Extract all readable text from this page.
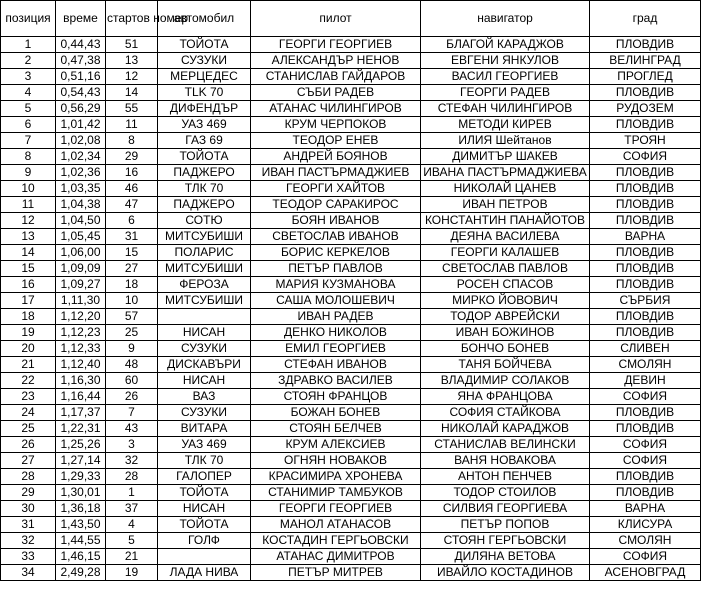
позиция	време	стартов номер	автомобил	пилот	навигатор	град
1	0,44,43	51	ТОЙОТА	ГЕОРГИ ГЕОРГИЕВ	БЛАГОЙ КАРАДЖОВ	ПЛОВДИВ
2	0,47,38	13	СУЗУКИ	АЛЕКСАНДЪР НЕНОВ	ЕВГЕНИ ЯНКУЛОВ	ВЕЛИНГРАД
3	0,51,16	12	МЕРЦЕДЕС	СТАНИСЛАВ ГАЙДАРОВ	ВАСИЛ ГЕОРГИЕВ	ПРОГЛЕД
4	0,54,43	14	TLK 70	СЪБИ РАДЕВ	ГЕОРГИ РАДЕВ	ПЛОВДИВ
5	0,56,29	55	ДИФЕНДЪР	АТАНАС ЧИЛИНГИРОВ	СТЕФАН ЧИЛИНГИРОВ	РУДОЗЕМ
6	1,01,42	11	УАЗ 469	КРУМ ЧЕРПОКОВ	МЕТОДИ КИРЕВ	ПЛОВДИВ
7	1,02,08	8	ГАЗ 69	ТЕОДОР ЕНЕВ	ИЛИЯ Шейтанов	ТРОЯН
8	1,02,34	29	ТОЙОТА	АНДРЕЙ БОЯНОВ	ДИМИТЪР ШАКЕВ	СОФИЯ
9	1,02,36	16	ПАДЖЕРО	ИВАН ПАСТЪРМАДЖИЕВ	ИВАНА ПАСТЪРМАДЖИЕВА	ПЛОВДИВ
10	1,03,35	46	ТЛК 70	ГЕОРГИ ХАЙТОВ	НИКОЛАЙ ЦАНЕВ	ПЛОВДИВ
11	1,04,38	47	ПАДЖЕРО	ТЕОДОР САРАКИРОС	ИВАН ПЕТРОВ	ПЛОВДИВ
12	1,04,50	6	СОТЮ	БОЯН ИВАНОВ	КОНСТАНТИН ПАНАЙОТОВ	ПЛОВДИВ
13	1,05,45	31	МИТСУБИШИ	СВЕТОСЛАВ ИВАНОВ	ДЕЯНА ВАСИЛЕВА	ВАРНА
14	1,06,00	15	ПОЛАРИС	БОРИС КЕРКЕЛОВ	ГЕОРГИ КАЛАШЕВ	ПЛОВДИВ
15	1,09,09	27	МИТСУБИШИ	ПЕТЪР ПАВЛОВ	СВЕТОСЛАВ ПАВЛОВ	ПЛОВДИВ
16	1,09,27	18	ФЕРОЗА	МАРИЯ КУЗМАНОВА	РОСЕН СПАСОВ	ПЛОВДИВ
17	1,11,30	10	МИТСУБИШИ	САША МОЛОШЕВИЧ	МИРКО ЙОВОВИЧ	СЪРБИЯ
18	1,12,20	57		ИВАН РАДЕВ	ТОДОР АВРЕЙСКИ	ПЛОВДИВ
19	1,12,23	25	НИСАН	ДЕНКО НИКОЛОВ	ИВАН БОЖИНОВ	ПЛОВДИВ
20	1,12,33	9	СУЗУКИ	ЕМИЛ ГЕОРГИЕВ	БОНЧО БОНЕВ	СЛИВЕН
21	1,12,40	48	ДИСКАВЪРИ	СТЕФАН ИВАНОВ	ТАНЯ БОЙЧЕВА	СМОЛЯН
22	1,16,30	60	НИСАН	ЗДРАВКО ВАСИЛЕВ	ВЛАДИМИР СОЛАКОВ	ДЕВИН
23	1,16,44	26	ВАЗ	СТОЯН ФРАНЦОВ	ЯНА ФРАНЦОВА	СОФИЯ
24	1,17,37	7	СУЗУКИ	БОЖАН БОНЕВ	СОФИЯ СТАЙКОВА	ПЛОВДИВ
25	1,22,31	43	ВИТАРА	СТОЯН БЕЛЧЕВ	НИКОЛАЙ КАРАДЖОВ	ПЛОВДИВ
26	1,25,26	3	УАЗ 469	КРУМ АЛЕКСИЕВ	СТАНИСЛАВ ВЕЛИНСКИ	СОФИЯ
27	1,27,14	32	ТЛК 70	ОГНЯН НОВАКОВ	ВАНЯ НОВАКОВА	СОФИЯ
28	1,29,33	28	ГАЛОПЕР	КРАСИМИРА ХРОНЕВА	АНТОН ПЕНЧЕВ	ПЛОВДИВ
29	1,30,01	1	ТОЙОТА	СТАНИМИР ТАМБУКОВ	ТОДОР СТОИЛОВ	ПЛОВДИВ
30	1,36,18	37	НИСАН	ГЕОРГИ ГЕОРГИЕВ	СИЛВИЯ ГЕОРГИЕВА	ВАРНА
31	1,43,50	4	ТОЙОТА	МАНОЛ АТАНАСОВ	ПЕТЪР ПОПОВ	КЛИСУРА
32	1,44,55	5	ГОЛФ	КОСТАДИН ГЕРГЬОВСКИ	СТОЯН ГЕРГЬОВСКИ	СМОЛЯН
33	1,46,15	21		АТАНАС ДИМИТРОВ	ДИЛЯНА ВЕТОВА	СОФИЯ
34	2,49,28	19	ЛАДА НИВА	ПЕТЪР МИТРЕВ	ИВАЙЛО КОСТАДИНОВ	АСЕНОВГРАД
